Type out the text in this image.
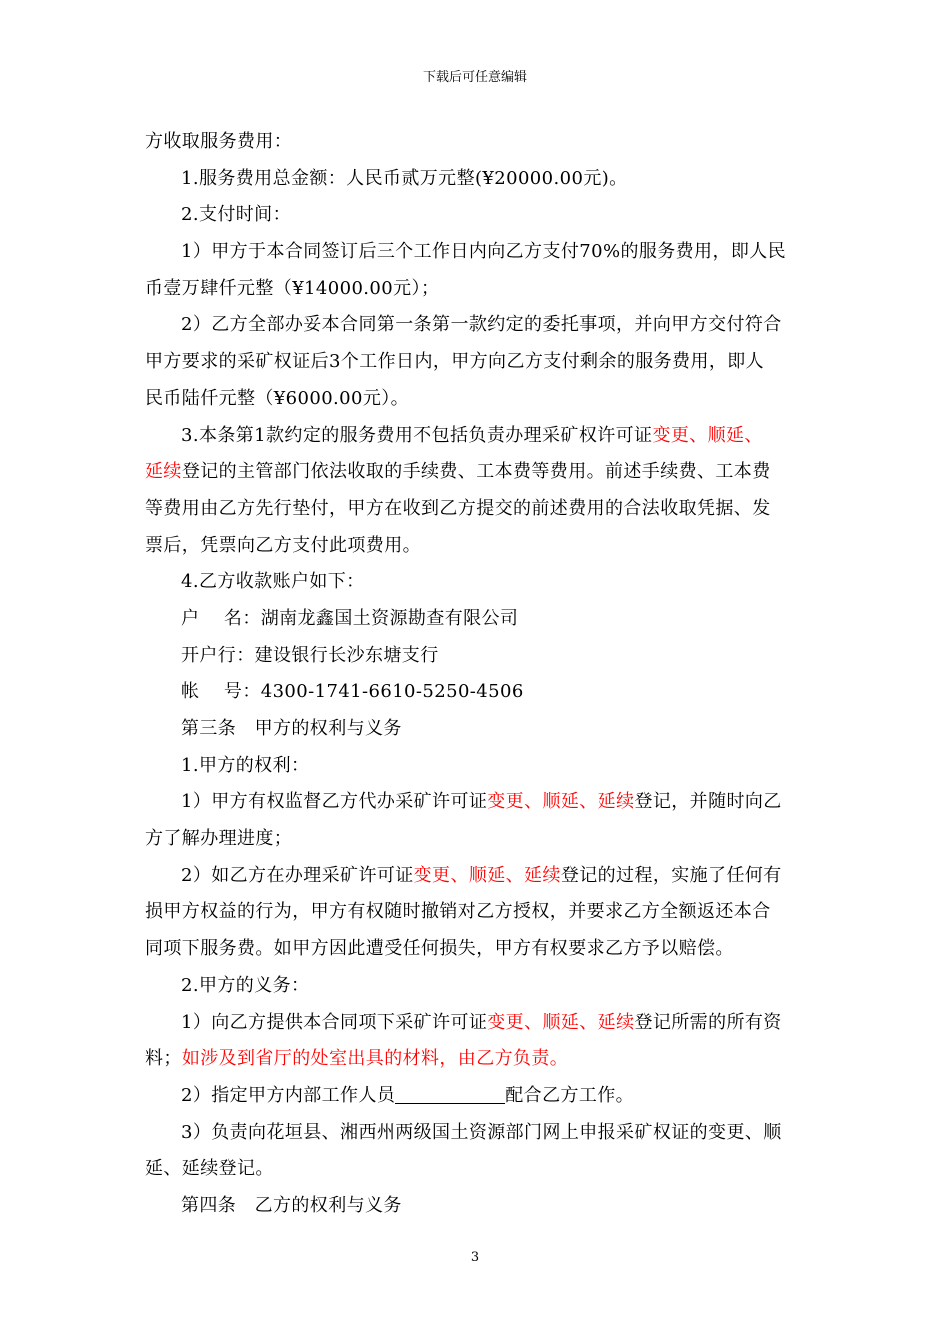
下载后可任意编辑
方收取服务费用：
1.服务费用总金额：人民币贰万元整(¥20000.00元)。
2.支付时间：
1）甲方于本合同签订后三个工作日内向乙方支付70%的服务费用，即人民
币壹万肆仟元整（¥14000.00元）；
2）乙方全部办妥本合同第一条第一款约定的委托事项，并向甲方交付符合
甲方要求的采矿权证后3个工作日内，甲方向乙方支付剩余的服务费用，即人
民币陆仟元整（¥6000.00元）。
3.本条第1款约定的服务费用不包括负责办理采矿权许可证变更、顺延、
延续登记的主管部门依法收取的手续费、工本费等费用。前述手续费、工本费
等费用由乙方先行垫付，甲方在收到乙方提交的前述费用的合法收取凭据、发
票后，凭票向乙方支付此项费用。
4.乙方收款账户如下：
户　 名：湖南龙鑫国土资源勘查有限公司
开户行：建设银行长沙东塘支行
帐　 号：4300-1741-6610-5250-4506
第三条　甲方的权利与义务
1.甲方的权利：
1）甲方有权监督乙方代办采矿许可证变更、顺延、延续登记，并随时向乙
方了解办理进度；
2）如乙方在办理采矿许可证变更、顺延、延续登记的过程，实施了任何有
损甲方权益的行为，甲方有权随时撤销对乙方授权，并要求乙方全额返还本合
同项下服务费。如甲方因此遭受任何损失，甲方有权要求乙方予以赔偿。
2.甲方的义务：
1）向乙方提供本合同项下采矿许可证变更、顺延、延续登记所需的所有资
料；如涉及到省厅的处室出具的材料，由乙方负责。
2）指定甲方内部工作人员	配合乙方工作。
3）负责向花垣县、湘西州两级国土资源部门网上申报采矿权证的变更、顺
延、延续登记。
第四条　乙方的权利与义务
3
